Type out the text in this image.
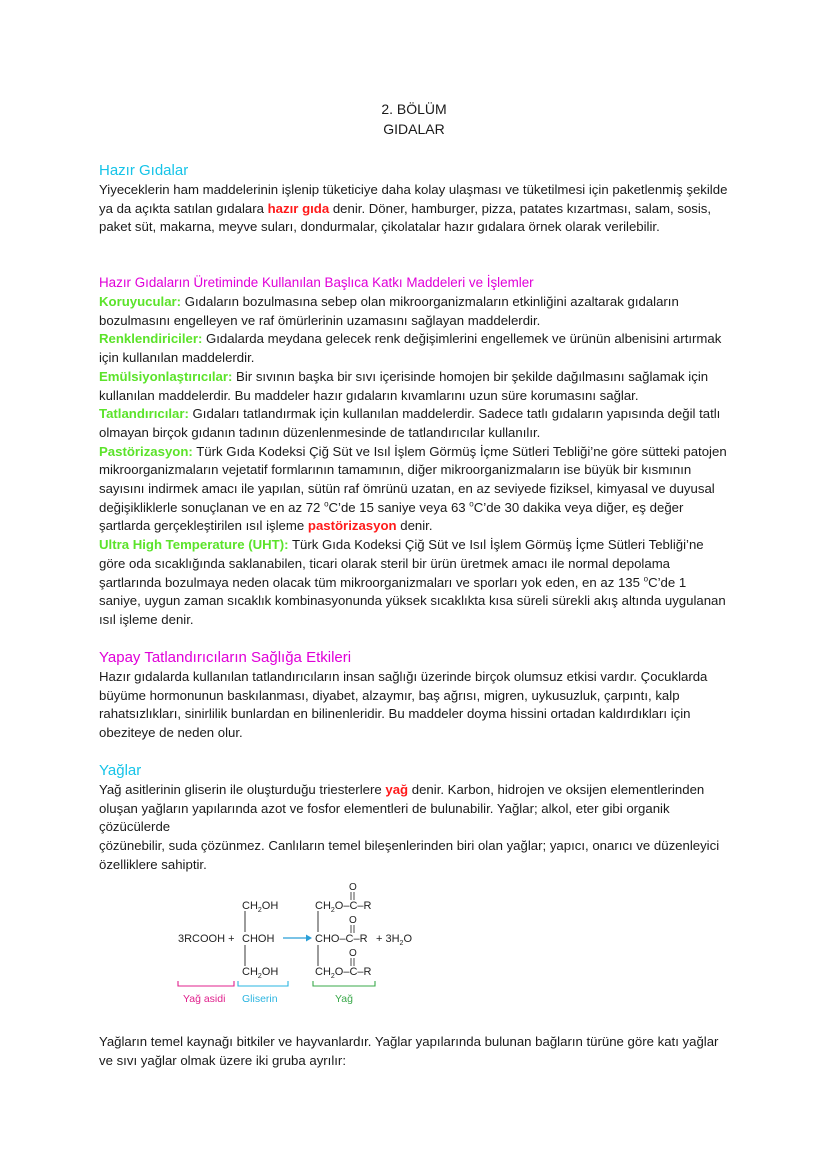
2. BÖLÜM
GIDALAR
Hazır Gıdalar
Yiyeceklerin ham maddelerinin işlenip tüketiciye daha kolay ulaşması ve tüketilmesi için paketlenmiş şekilde ya da açıkta satılan gıdalara hazır gıda denir. Döner, hamburger, pizza, patates kızartması, salam, sosis, paket süt, makarna, meyve suları, dondurmalar, çikolatalar hazır gıdalara örnek olarak verilebilir.
Hazır Gıdaların Üretiminde Kullanılan Başlıca Katkı Maddeleri ve İşlemler
Koruyucular: Gıdaların bozulmasına sebep olan mikroorganizmaların etkinliğini azaltarak gıdaların bozulmasını engelleyen ve raf ömürlerinin uzamasını sağlayan maddelerdir.
Renklendiriciler: Gıdalarda meydana gelecek renk değişimlerini engellemek ve ürünün albenisini artırmak için kullanılan maddelerdir.
Emülsiyonlaştırıcılar: Bir sıvının başka bir sıvı içerisinde homojen bir şekilde dağılmasını sağlamak için kullanılan maddelerdir. Bu maddeler hazır gıdaların kıvamlarını uzun süre korumasını sağlar.
Tatlandırıcılar: Gıdaları tatlandırmak için kullanılan maddelerdir. Sadece tatlı gıdaların yapısında değil tatlı olmayan birçok gıdanın tadının düzenlenmesinde de tatlandırıcılar kullanılır.
Pastörizasyon: Türk Gıda Kodeksi Çiğ Süt ve Isıl İşlem Görmüş İçme Sütleri Tebliği’ne göre sütteki patojen mikroorganizmaların vejetatif formlarının tamamının, diğer mikroorganizmaların ise büyük bir kısmının sayısını indirmek amacı ile yapılan, sütün raf ömrünü uzatan, en az seviyede fiziksel, kimyasal ve duyusal değişikliklerle sonuçlanan ve en az 72 $^o$C’de 15 saniye veya 63 $^o$C’de 30 dakika veya diğer, eş değer şartlarda gerçekleştirilen ısıl işleme pastörizasyon denir.
Ultra High Temperature (UHT): Türk Gıda Kodeksi Çiğ Süt ve Isıl İşlem Görmüş İçme Sütleri Tebliği’ne göre oda sıcaklığında saklanabilen, ticari olarak steril bir ürün üretmek amacı ile normal depolama şartlarında bozulmaya neden olacak tüm mikroorganizmaları ve sporları yok eden, en az 135 $^o$C’de 1 saniye, uygun zaman sıcaklık kombinasyonunda yüksek sıcaklıkta kısa süreli sürekli akış altında uygulanan ısıl işleme denir.
Yapay Tatlandırıcıların Sağlığa Etkileri
Hazır gıdalarda kullanılan tatlandırıcıların insan sağlığı üzerinde birçok olumsuz etkisi vardır. Çocuklarda büyüme hormonunun baskılanması, diyabet, alzaymır, baş ağrısı, migren, uykusuzluk, çarpıntı, kalp rahatsızlıkları, sinirlilik bunlardan en bilinenleridir. Bu maddeler doyma hissini ortadan kaldırdıkları için obeziteye de neden olur.
Yağlar
Yağ asitlerinin gliserin ile oluşturduğu triesterlere yağ denir. Karbon, hidrojen ve oksijen elementlerinden oluşan yağların yapılarında azot ve fosfor elementleri de bulunabilir. Yağlar; alkol, eter gibi organik çözücülerde
çözünebilir, suda çözünmez. Canlıların temel bileşenlerinden biri olan yağlar; yapıcı, onarıcı ve düzenleyici özelliklere sahiptir.
3RCOOH +
$CH_2OH$
CHOH
$CH_2OH$
$CH_2O-C-R$
CHO–C–R
$CH_2O-C-R$
O
O
O
+ $3H_2O$
Yağ asidi Gliserin	Yağ
Yağların temel kaynağı bitkiler ve hayvanlardır. Yağlar yapılarında bulunan bağların türüne göre katı yağlar ve sıvı yağlar olmak üzere iki gruba ayrılır:
